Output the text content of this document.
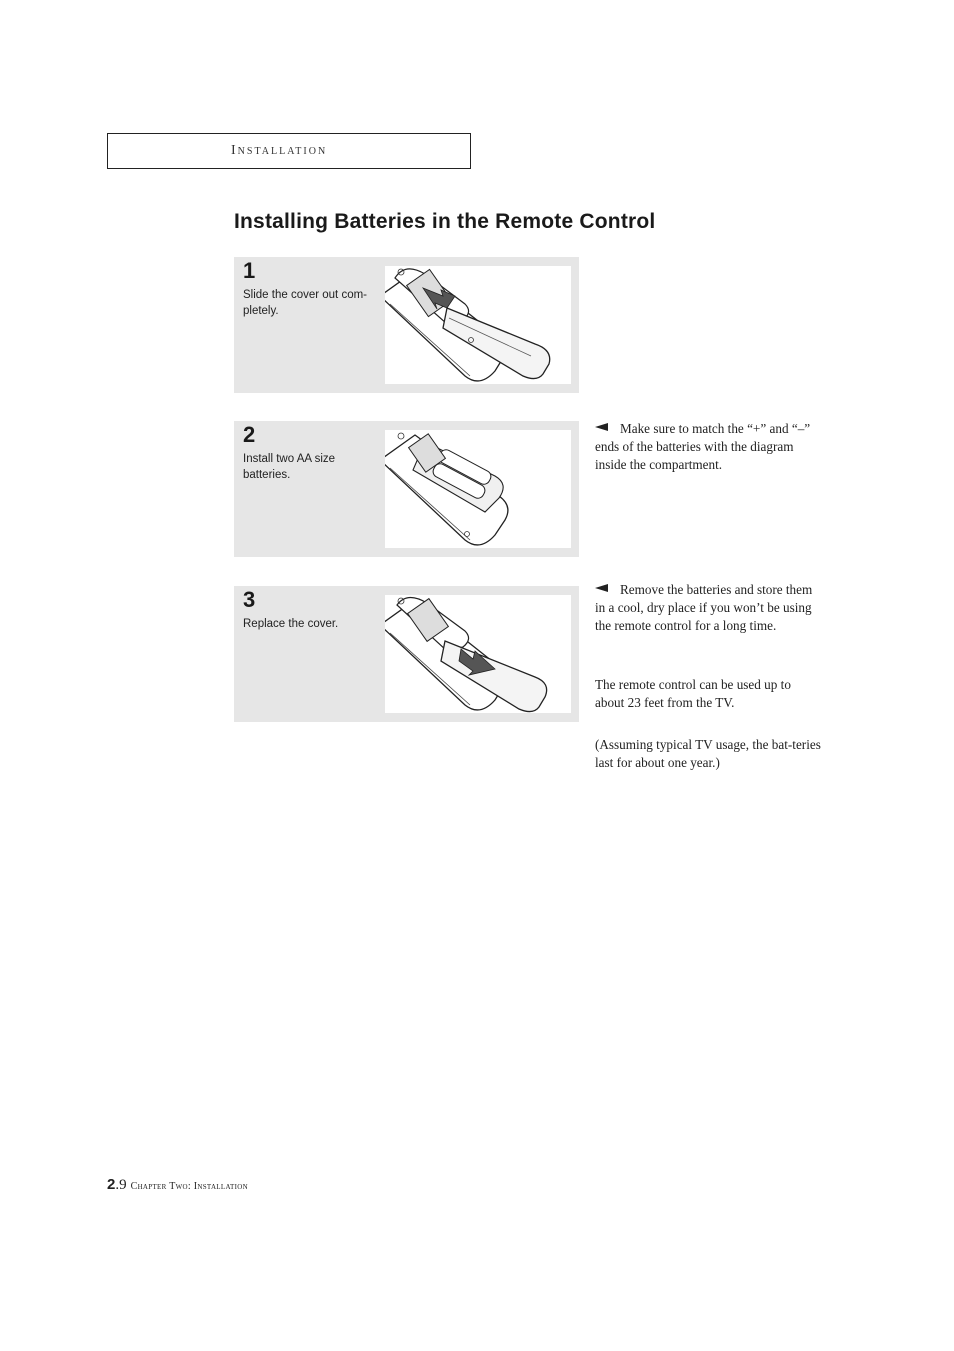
Installation
Installing Batteries in the Remote Control
1
Slide the cover out com-pletely.
2
Install two AA size batteries.
3
Replace the cover.
Make sure to match the “+” and “–” ends of the batteries with the diagram inside the compartment.
Remove the batteries and store them in a cool, dry place if you won’t be using the remote control for a long time.
The remote control can be used up to about 23 feet from the TV.
(Assuming typical TV usage, the bat-teries last for about one year.)
2.9 Chapter Two: Installation
